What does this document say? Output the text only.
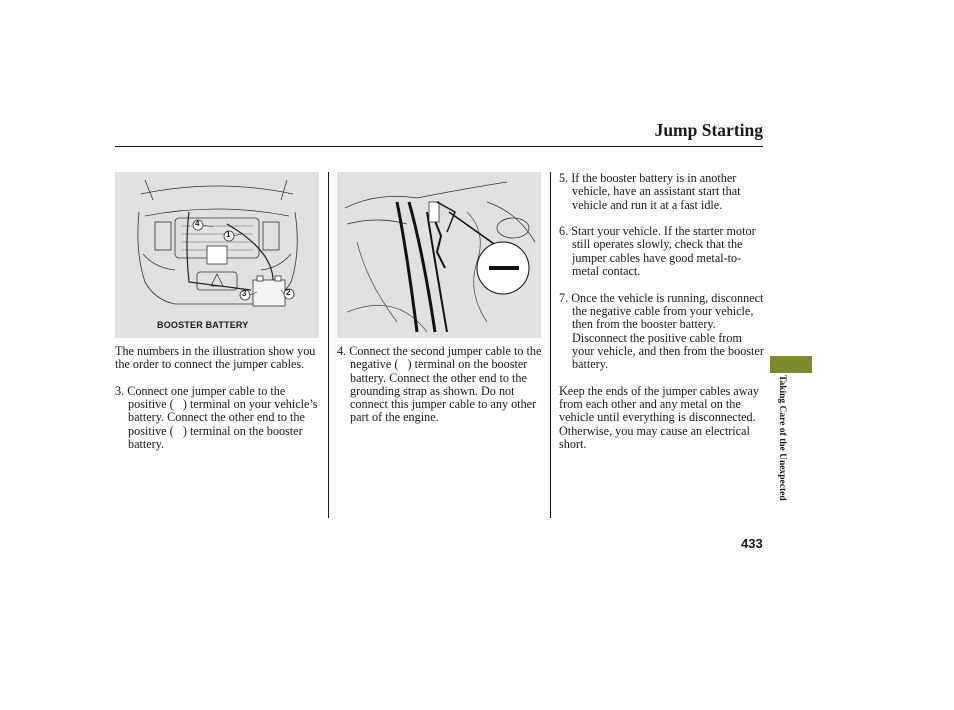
Jump Starting
4
1
3	2
BOOSTER BATTERY

The numbers in the illustration show you the order to connect the jumper cables.

3. Connect one jumper cable to the positive (   ) terminal on your vehicle’s battery. Connect the other end to the positive (   ) terminal on the booster battery.

4. Connect the second jumper cable to the negative (   ) terminal on the booster battery. Connect the other end to the grounding strap as shown. Do not connect this jumper cable to any other part of the engine.

5. If the booster battery is in another vehicle, have an assistant start that vehicle and run it at a fast idle.

6. Start your vehicle. If the starter motor still operates slowly, check that the jumper cables have good metal-to-metal contact.

7. Once the vehicle is running, disconnect the negative cable from your vehicle, then from the booster battery. Disconnect the positive cable from your vehicle, and then from the booster battery.

Keep the ends of the jumper cables away from each other and any metal on the vehicle until everything is disconnected. Otherwise, you may cause an electrical short.	Taking Care of the Unexpected
433
